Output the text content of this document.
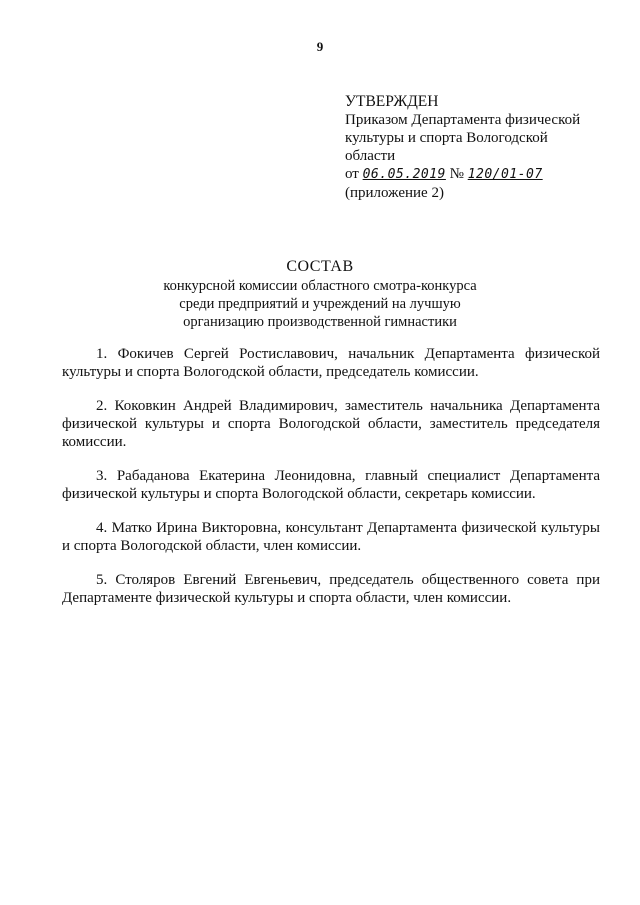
9
УТВЕРЖДЕН
Приказом Департамента физической
культуры и спорта Вологодской
области
от 06.05.2019 № 120/01-07
(приложение 2)
СОСТАВ
конкурсной комиссии областного смотра-конкурса
среди предприятий и учреждений на лучшую
организацию производственной гимнастики

1. Фокичев Сергей Ростиславович, начальник Департамента физической культуры и спорта Вологодской области, председатель комиссии.

2. Коковкин Андрей Владимирович, заместитель начальника Департамента физической культуры и спорта Вологодской области, заместитель председателя комиссии.

3. Рабаданова Екатерина Леонидовна, главный специалист Департамента физической культуры и спорта Вологодской области, секретарь комиссии.

4. Матко Ирина Викторовна, консультант Департамента физической культуры и спорта Вологодской области, член комиссии.

5. Столяров Евгений Евгеньевич, председатель общественного совета при Департаменте физической культуры и спорта области, член комиссии.
